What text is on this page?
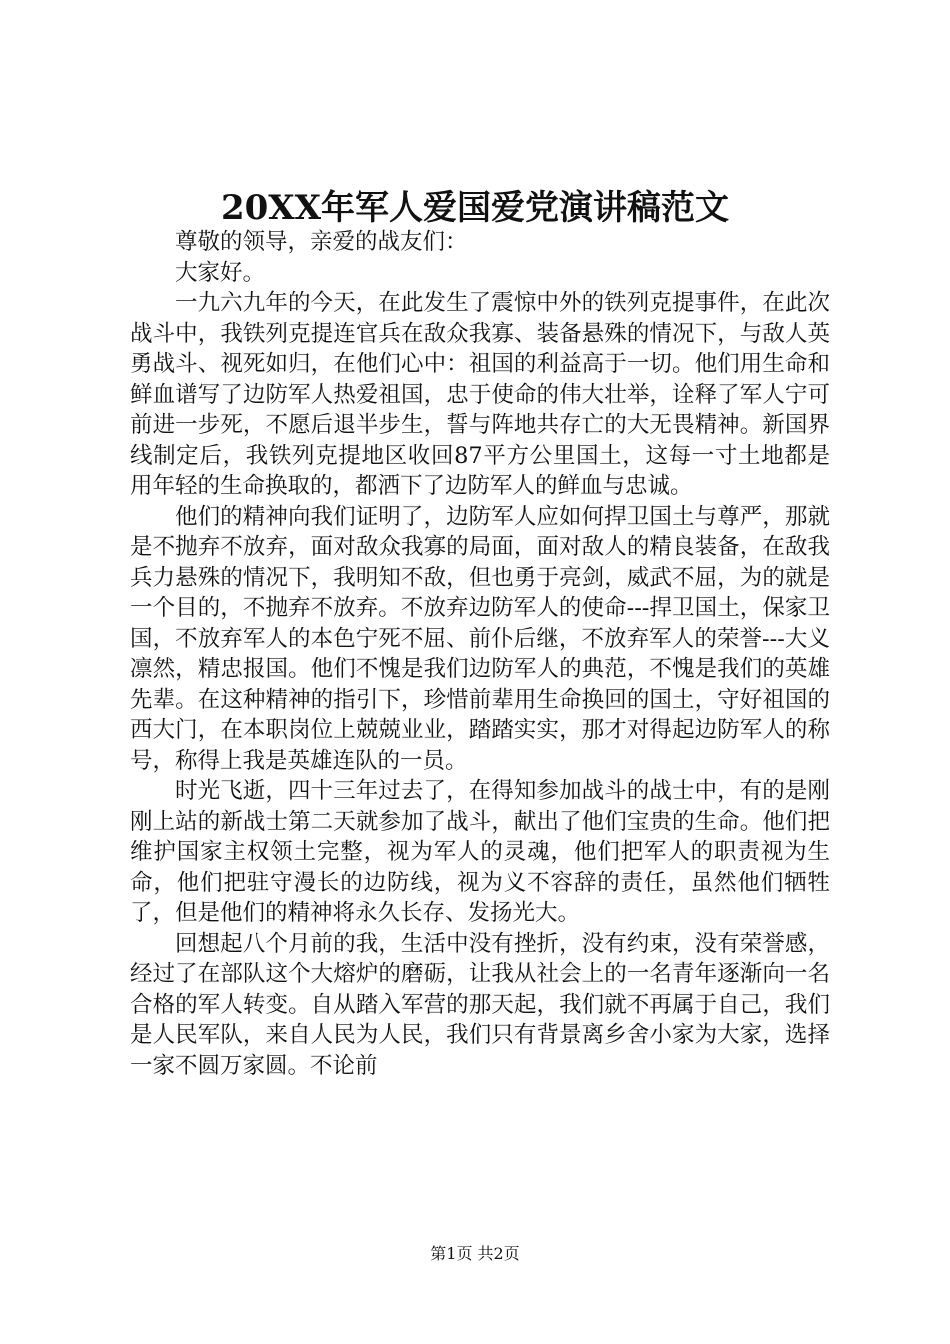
20XX年军人爱国爱党演讲稿范文

尊敬的领导，亲爱的战友们：

大家好。

一九六九年的今天，在此发生了震惊中外的铁列克提事件，在此次战斗中，我铁列克提连官兵在敌众我寡、装备悬殊的情况下，与敌人英勇战斗、视死如归，在他们心中：祖国的利益高于一切。他们用生命和鲜血谱写了边防军人热爱祖国，忠于使命的伟大壮举，诠释了军人宁可前进一步死，不愿后退半步生，誓与阵地共存亡的大无畏精神。新国界线制定后，我铁列克提地区收回87平方公里国土，这每一寸土地都是用年轻的生命换取的，都洒下了边防军人的鲜血与忠诚。

他们的精神向我们证明了，边防军人应如何捍卫国土与尊严，那就是不抛弃不放弃，面对敌众我寡的局面，面对敌人的精良装备，在敌我兵力悬殊的情况下，我明知不敌，但也勇于亮剑，威武不屈，为的就是一个目的，不抛弃不放弃。不放弃边防军人的使命---捍卫国土，保家卫国，不放弃军人的本色宁死不屈、前仆后继，不放弃军人的荣誉---大义凛然，精忠报国。他们不愧是我们边防军人的典范，不愧是我们的英雄先辈。在这种精神的指引下，珍惜前辈用生命换回的国土，守好祖国的西大门，在本职岗位上兢兢业业，踏踏实实，那才对得起边防军人的称号，称得上我是英雄连队的一员。

时光飞逝，四十三年过去了，在得知参加战斗的战士中，有的是刚刚上站的新战士第二天就参加了战斗，献出了他们宝贵的生命。他们把维护国家主权领土完整，视为军人的灵魂，他们把军人的职责视为生命，他们把驻守漫长的边防线，视为义不容辞的责任，虽然他们牺牲了，但是他们的精神将永久长存、发扬光大。

回想起八个月前的我，生活中没有挫折，没有约束，没有荣誉感，经过了在部队这个大熔炉的磨砺，让我从社会上的一名青年逐渐向一名合格的军人转变。自从踏入军营的那天起，我们就不再属于自己，我们是人民军队，来自人民为人民，我们只有背景离乡舍小家为大家，选择一家不圆万家圆。不论前

第1页 共2页
